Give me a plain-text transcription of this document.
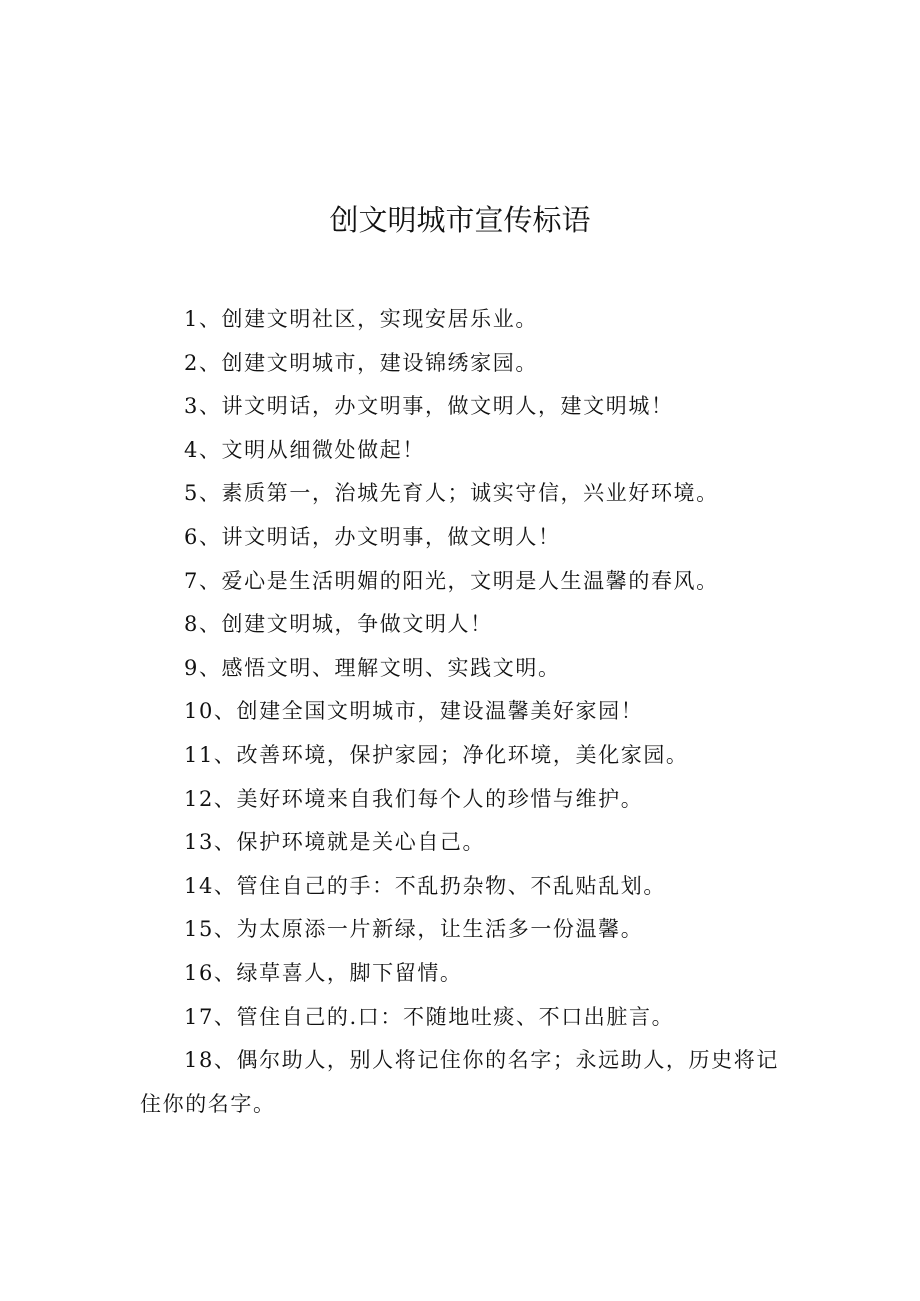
创文明城市宣传标语
1、创建文明社区，实现安居乐业。
2、创建文明城市，建设锦绣家园。
3、讲文明话，办文明事，做文明人，建文明城！
4、文明从细微处做起！
5、素质第一，治城先育人；诚实守信，兴业好环境。
6、讲文明话，办文明事，做文明人！
7、爱心是生活明媚的阳光，文明是人生温馨的春风。
8、创建文明城，争做文明人！
9、感悟文明、理解文明、实践文明。
10、创建全国文明城市，建设温馨美好家园！
11、改善环境，保护家园；净化环境，美化家园。
12、美好环境来自我们每个人的珍惜与维护。
13、保护环境就是关心自己。
14、管住自己的手：不乱扔杂物、不乱贴乱划。
15、为太原添一片新绿，让生活多一份温馨。
16、绿草喜人，脚下留情。
17、管住自己的.口：不随地吐痰、不口出脏言。
18、偶尔助人，别人将记住你的名字；永远助人，历史将记住你的名字。
